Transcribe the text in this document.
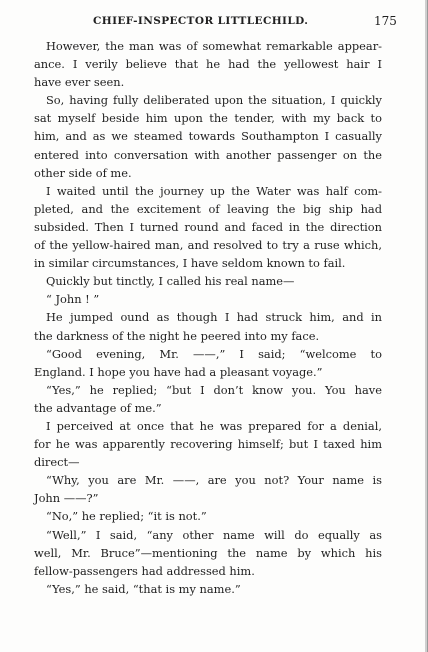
CHIEF-INSPECTOR LITTLECHILD.	175
However, the man was of somewhat remarkable appear-
ance. I verily believe that he had the yellowest hair I
have ever seen.
So, having fully deliberated upon the situation, I quickly
sat myself beside him upon the tender, with my back to
him, and as we steamed towards Southampton I casually
entered into conversation with another passenger on the
other side of me.
I waited until the journey up the Water was half com-
pleted, and the excitement of leaving the big ship had
subsided. Then I turned round and faced in the direction
of the yellow-haired man, and resolved to try a ruse which,
in similar circumstances, I have seldom known to fail.
Quickly but tinctly, I called his real name—
“ John ! ”
He jumped ound as though I had struck him, and in
the darkness of the night he peered into my face.
“Good evening, Mr. ——,” I said; “welcome to
England. I hope you have had a pleasant voyage.”
“Yes,” he replied; “but I don’t know you. You have
the advantage of me.”
I perceived at once that he was prepared for a denial,
for he was apparently recovering himself; but I taxed him
direct—
“Why, you are Mr. ——, are you not? Your name is
John ——?”
“No,” he replied; “it is not.”
“Well,” I said, “any other name will do equally as
well, Mr. Bruce”—mentioning the name by which his
fellow-passengers had addressed him.
“Yes,” he said, “that is my name.”
